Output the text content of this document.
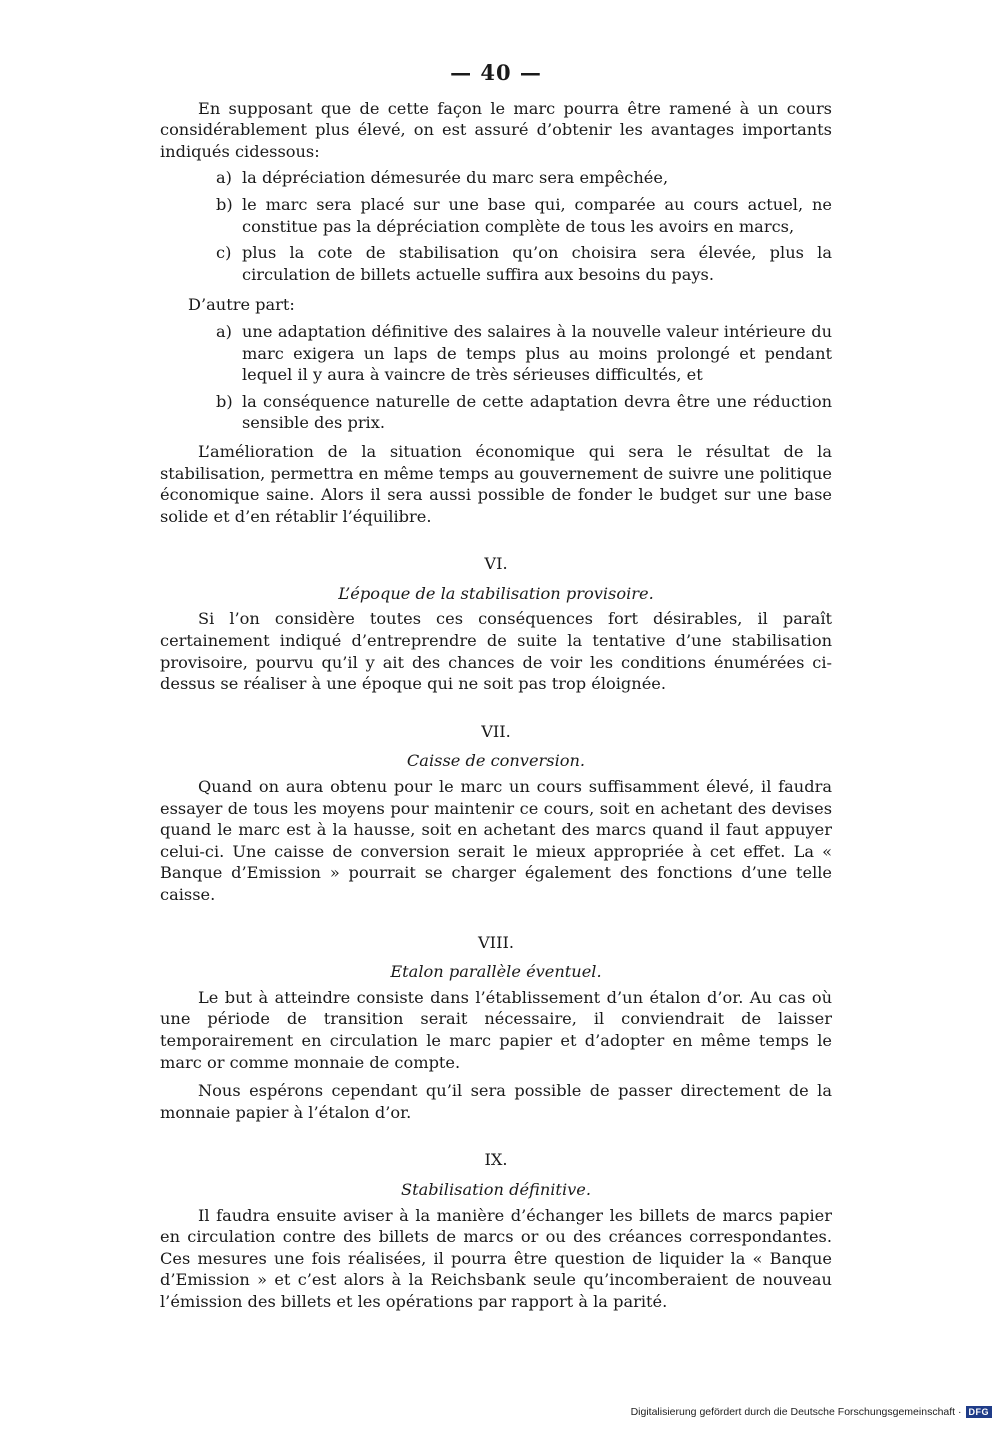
— 40 —

En supposant que de cette façon le marc pourra être ramené à un cours considérablement plus élevé, on est assuré d’obtenir les avantages importants indiqués cidessous:

a) la dépréciation démesurée du marc sera empêchée,
b) le marc sera placé sur une base qui, comparée au cours actuel, ne constitue pas la dépréciation complète de tous les avoirs en marcs,
c) plus la cote de stabilisation qu’on choisira sera élevée, plus la circulation de billets actuelle suffira aux besoins du pays.

D’autre part:

a) une adaptation définitive des salaires à la nouvelle valeur intérieure du marc exigera un laps de temps plus au moins prolongé et pendant lequel il y aura à vaincre de très sérieuses difficultés, et
b) la conséquence naturelle de cette adaptation devra être une réduction sensible des prix.

L’amélioration de la situation économique qui sera le résultat de la stabilisation, permettra en même temps au gouvernement de suivre une politique économique saine. Alors il sera aussi possible de fonder le budget sur une base solide et d’en rétablir l’équilibre.

VI.
L’époque de la stabilisation provisoire.

Si l’on considère toutes ces conséquences fort désirables, il paraît certainement indiqué d’entreprendre de suite la tentative d’une stabilisation provisoire, pourvu qu’il y ait des chances de voir les conditions énumérées ci-dessus se réaliser à une époque qui ne soit pas trop éloignée.

VII.
Caisse de conversion.

Quand on aura obtenu pour le marc un cours suffisamment élevé, il faudra essayer de tous les moyens pour maintenir ce cours, soit en achetant des devises quand le marc est à la hausse, soit en achetant des marcs quand il faut appuyer celui-ci. Une caisse de conversion serait le mieux appropriée à cet effet. La « Banque d’Emission » pourrait se charger également des fonctions d’une telle caisse.

VIII.
Etalon parallèle éventuel.

Le but à atteindre consiste dans l’établissement d’un étalon d’or. Au cas où une période de transition serait nécessaire, il conviendrait de laisser temporairement en circulation le marc papier et d’adopter en même temps le marc or comme monnaie de compte.

Nous espérons cependant qu’il sera possible de passer directement de la monnaie papier à l’étalon d’or.

IX.
Stabilisation définitive.

Il faudra ensuite aviser à la manière d’échanger les billets de marcs papier en circulation contre des billets de marcs or ou des créances correspondantes. Ces mesures une fois réalisées, il pourra être question de liquider la « Banque d’Emission » et c’est alors à la Reichsbank seule qu’incomberaient de nouveau l’émission des billets et les opérations par rapport à la parité.

Digitalisierung gefördert durch die Deutsche Forschungsgemeinschaft · DFG
